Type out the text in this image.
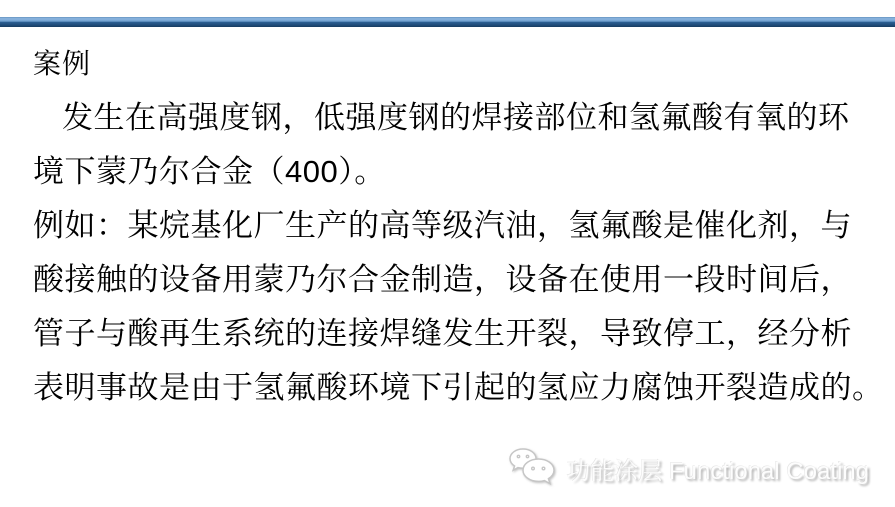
案例
发生在高强度钢，低强度钢的焊接部位和氢氟酸有氧的环
境下蒙乃尔合金（400）。
例如：某烷基化厂生产的高等级汽油，氢氟酸是催化剂，与
酸接触的设备用蒙乃尔合金制造，设备在使用一段时间后，
管子与酸再生系统的连接焊缝发生开裂，导致停工，经分析
表明事故是由于氢氟酸环境下引起的氢应力腐蚀开裂造成的。
功能涂层 Functional Coating
